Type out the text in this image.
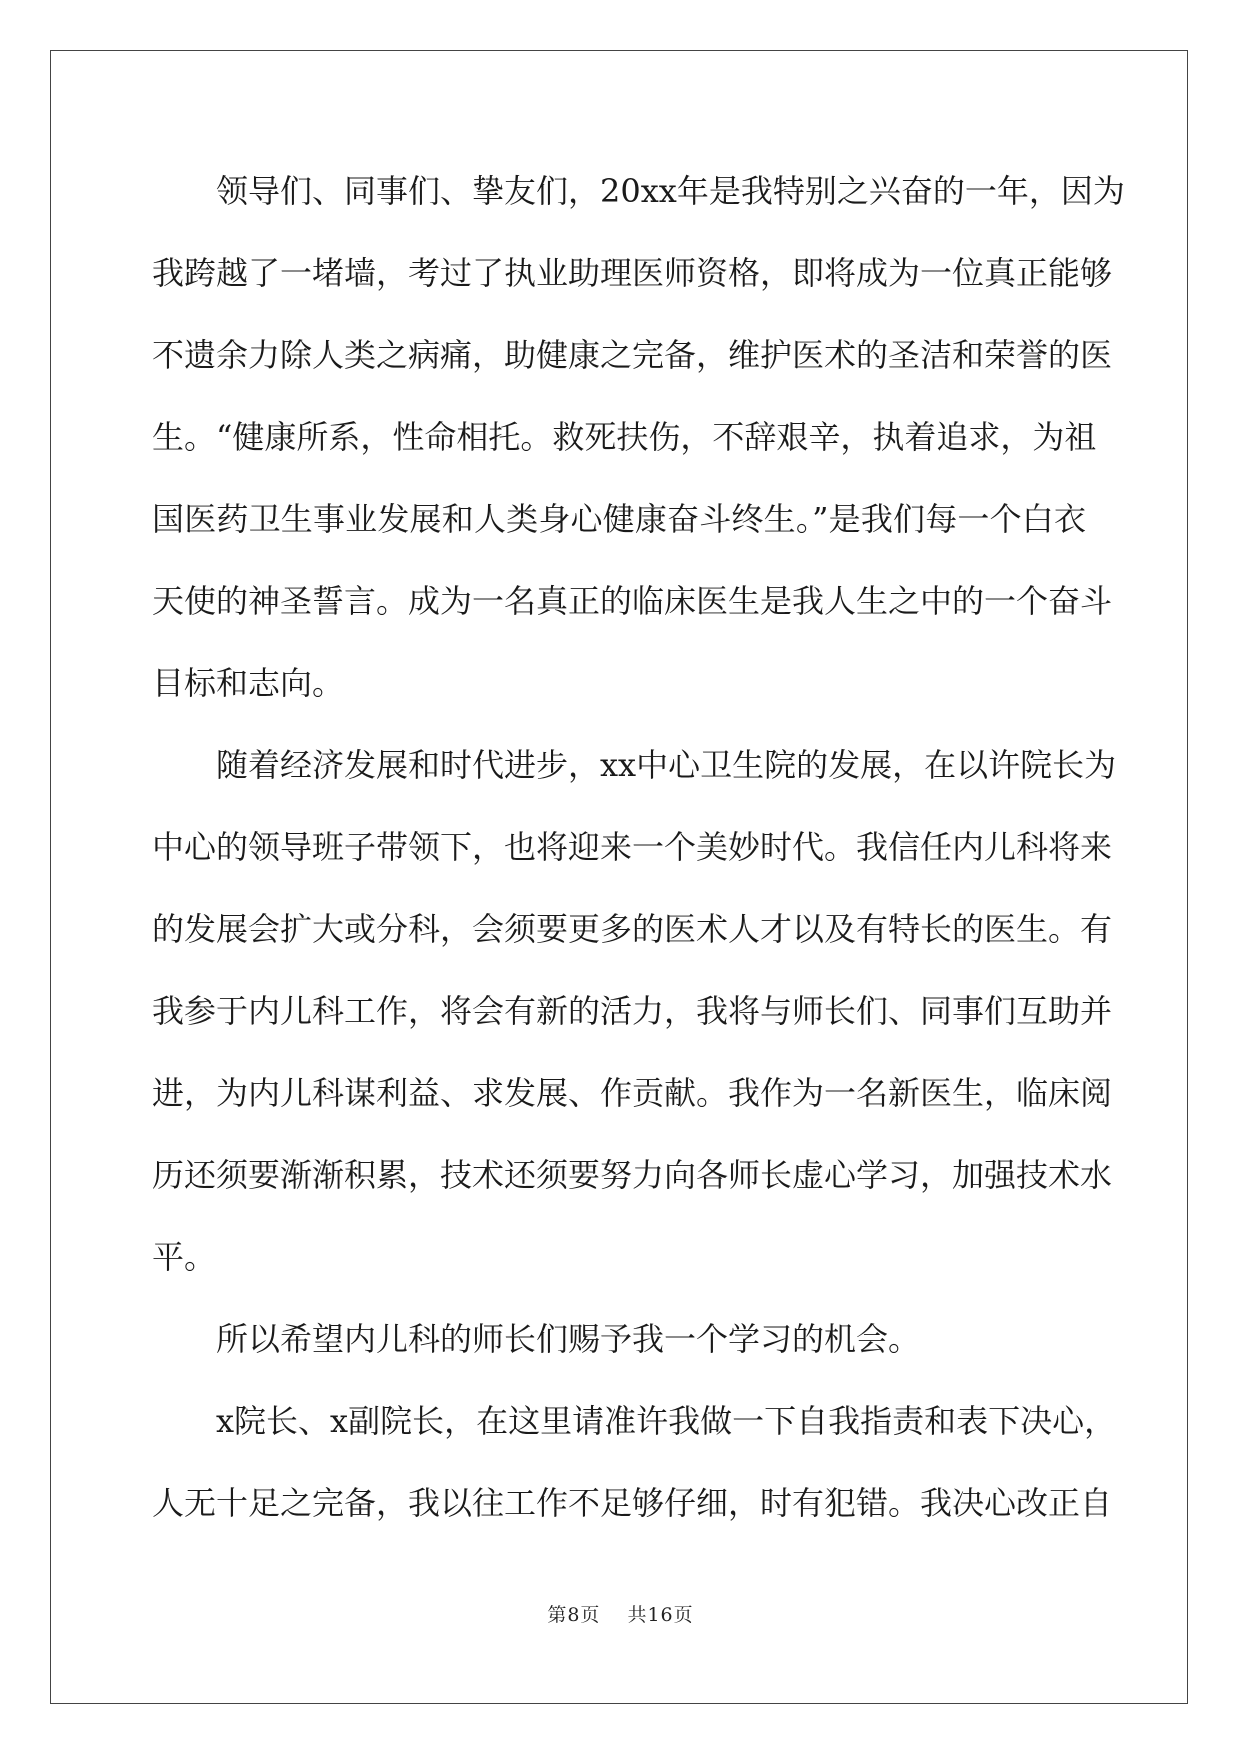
领导们、同事们、挚友们，20xx年是我特别之兴奋的一年，因为
我跨越了一堵墙，考过了执业助理医师资格，即将成为一位真正能够
不遗余力除人类之病痛，助健康之完备，维护医术的圣洁和荣誉的医
生。“健康所系，性命相托。救死扶伤，不辞艰辛，执着追求，为祖
国医药卫生事业发展和人类身心健康奋斗终生。”是我们每一个白衣
天使的神圣誓言。成为一名真正的临床医生是我人生之中的一个奋斗
目标和志向。
随着经济发展和时代进步，xx中心卫生院的发展，在以许院长为
中心的领导班子带领下，也将迎来一个美妙时代。我信任内儿科将来
的发展会扩大或分科，会须要更多的医术人才以及有特长的医生。有
我参于内儿科工作，将会有新的活力，我将与师长们、同事们互助并
进，为内儿科谋利益、求发展、作贡献。我作为一名新医生，临床阅
历还须要渐渐积累，技术还须要努力向各师长虚心学习，加强技术水
平。
所以希望内儿科的师长们赐予我一个学习的机会。
x院长、x副院长，在这里请准许我做一下自我指责和表下决心，
人无十足之完备，我以往工作不足够仔细，时有犯错。我决心改正自
第8页 共16页
